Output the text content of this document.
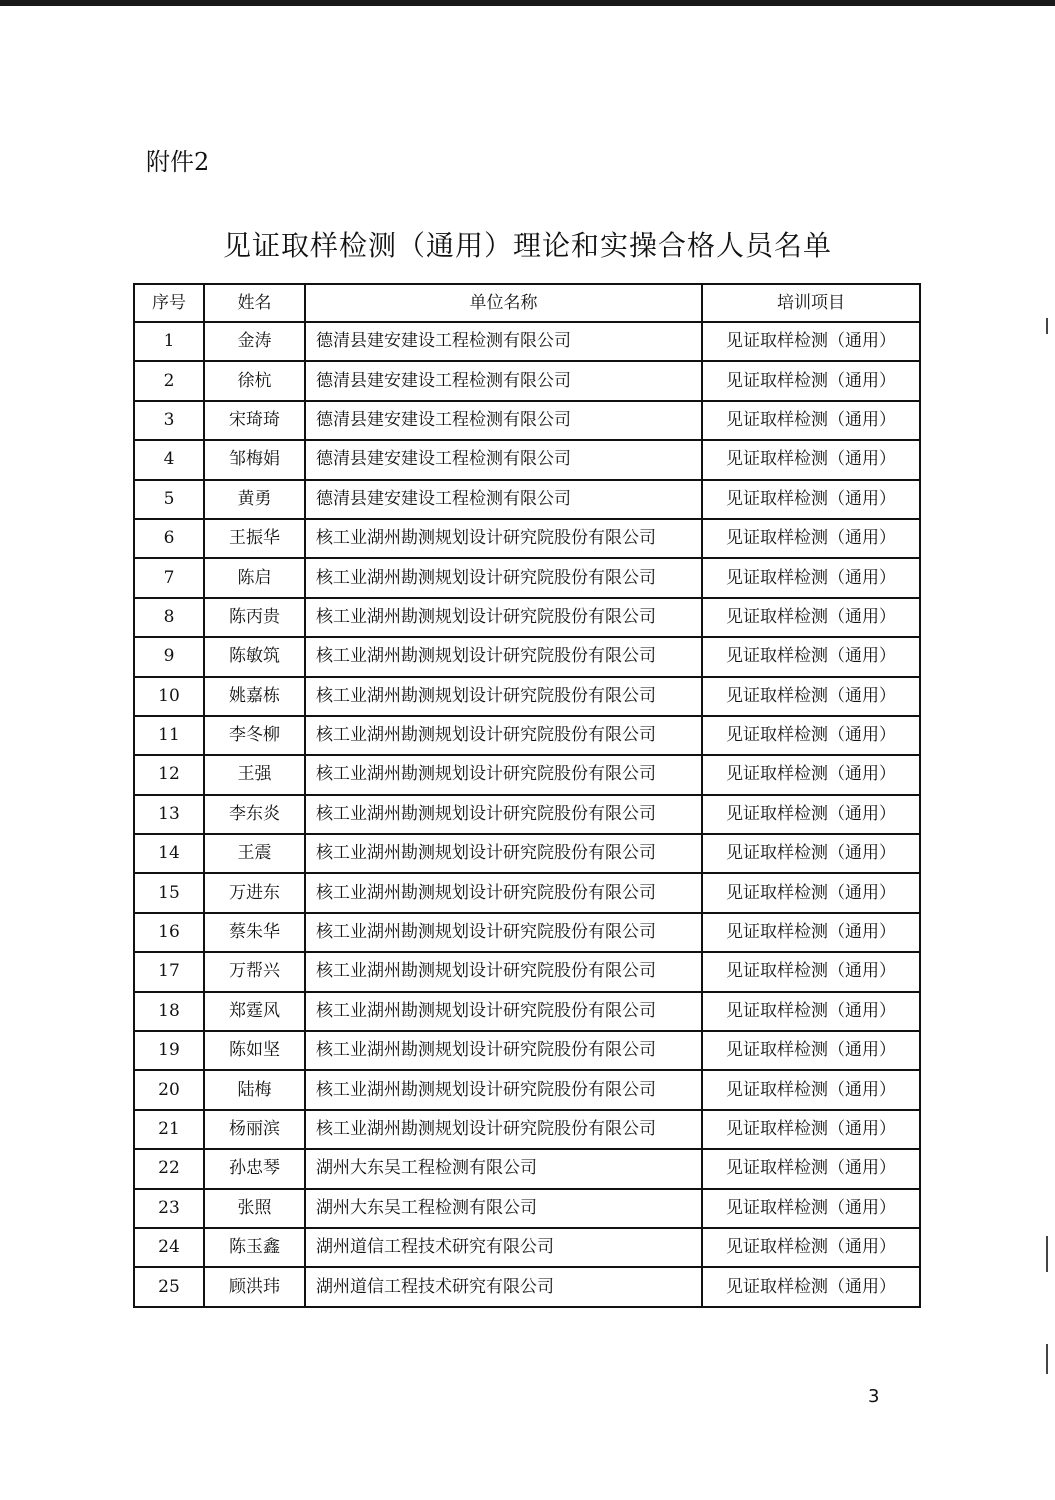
附件2
见证取样检测（通用）理论和实操合格人员名单
序号	姓名	单位名称	培训项目
1	金涛	德清县建安建设工程检测有限公司	见证取样检测（通用）
2	徐杭	德清县建安建设工程检测有限公司	见证取样检测（通用）
3	宋琦琦	德清县建安建设工程检测有限公司	见证取样检测（通用）
4	邹梅娟	德清县建安建设工程检测有限公司	见证取样检测（通用）
5	黄勇	德清县建安建设工程检测有限公司	见证取样检测（通用）
6	王振华	核工业湖州勘测规划设计研究院股份有限公司	见证取样检测（通用）
7	陈启	核工业湖州勘测规划设计研究院股份有限公司	见证取样检测（通用）
8	陈丙贵	核工业湖州勘测规划设计研究院股份有限公司	见证取样检测（通用）
9	陈敏筑	核工业湖州勘测规划设计研究院股份有限公司	见证取样检测（通用）
10	姚嘉栋	核工业湖州勘测规划设计研究院股份有限公司	见证取样检测（通用）
11	李冬柳	核工业湖州勘测规划设计研究院股份有限公司	见证取样检测（通用）
12	王强	核工业湖州勘测规划设计研究院股份有限公司	见证取样检测（通用）
13	李东炎	核工业湖州勘测规划设计研究院股份有限公司	见证取样检测（通用）
14	王震	核工业湖州勘测规划设计研究院股份有限公司	见证取样检测（通用）
15	万进东	核工业湖州勘测规划设计研究院股份有限公司	见证取样检测（通用）
16	蔡朱华	核工业湖州勘测规划设计研究院股份有限公司	见证取样检测（通用）
17	万帮兴	核工业湖州勘测规划设计研究院股份有限公司	见证取样检测（通用）
18	郑霆风	核工业湖州勘测规划设计研究院股份有限公司	见证取样检测（通用）
19	陈如坚	核工业湖州勘测规划设计研究院股份有限公司	见证取样检测（通用）
20	陆梅	核工业湖州勘测规划设计研究院股份有限公司	见证取样检测（通用）
21	杨丽滨	核工业湖州勘测规划设计研究院股份有限公司	见证取样检测（通用）
22	孙忠琴	湖州大东吴工程检测有限公司	见证取样检测（通用）
23	张照	湖州大东吴工程检测有限公司	见证取样检测（通用）
24	陈玉鑫	湖州道信工程技术研究有限公司	见证取样检测（通用）
25	顾洪玮	湖州道信工程技术研究有限公司	见证取样检测（通用）
3
